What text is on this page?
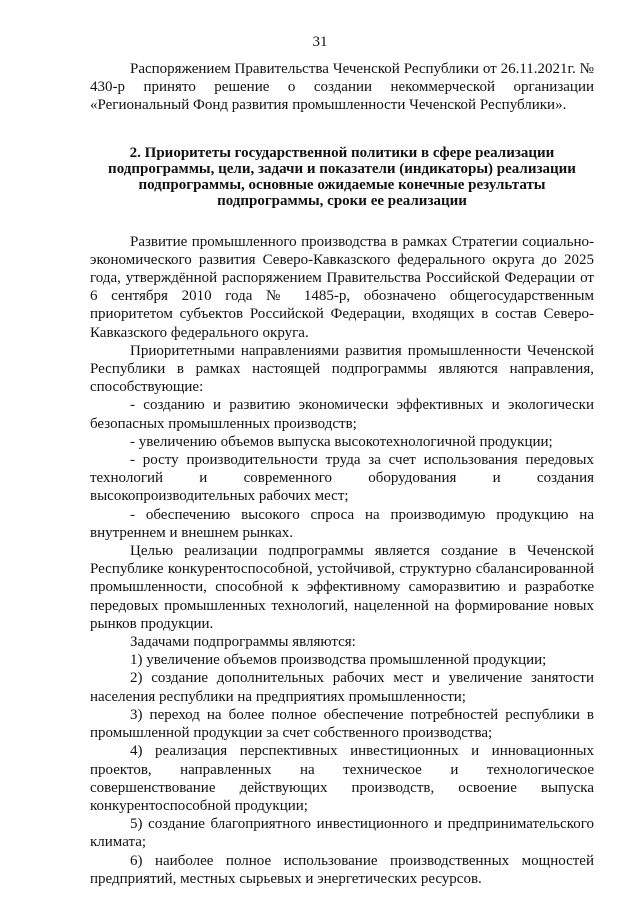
31

Распоряжением Правительства Чеченской Республики от 26.11.2021г. № 430-р принято решение о создании некоммерческой организации «Региональный Фонд развития промышленности Чеченской Республики».

2. Приоритеты государственной политики в сфере реализации подпрограммы, цели, задачи и показатели (индикаторы) реализации подпрограммы, основные ожидаемые конечные результаты подпрограммы, сроки ее реализации

Развитие промышленного производства в рамках Стратегии социально-экономического развития Северо-Кавказского федерального округа до 2025 года, утверждённой распоряжением Правительства Российской Федерации от 6 сентября 2010 года № 1485-р, обозначено общегосударственным приоритетом субъектов Российской Федерации, входящих в состав Северо-Кавказского федерального округа.

Приоритетными направлениями развития промышленности Чеченской Республики в рамках настоящей подпрограммы являются направления, способствующие:

- созданию и развитию экономически эффективных и экологически безопасных промышленных производств;

- увеличению объемов выпуска высокотехнологичной продукции;

- росту производительности труда за счет использования передовых технологий и современного оборудования и создания высокопроизводительных рабочих мест;

- обеспечению высокого спроса на производимую продукцию на внутреннем и внешнем рынках.

Целью реализации подпрограммы является создание в Чеченской Республике конкурентоспособной, устойчивой, структурно сбалансированной промышленности, способной к эффективному саморазвитию и разработке передовых промышленных технологий, нацеленной на формирование новых рынков продукции.

Задачами подпрограммы являются:

1) увеличение объемов производства промышленной продукции;

2) создание дополнительных рабочих мест и увеличение занятости населения республики на предприятиях промышленности;

3) переход на более полное обеспечение потребностей республики в промышленной продукции за счет собственного производства;

4) реализация перспективных инвестиционных и инновационных проектов, направленных на техническое и технологическое совершенствование действующих производств, освоение выпуска конкурентоспособной продукции;

5) создание благоприятного инвестиционного и предпринимательского климата;

6) наиболее полное использование производственных мощностей предприятий, местных сырьевых и энергетических ресурсов.
